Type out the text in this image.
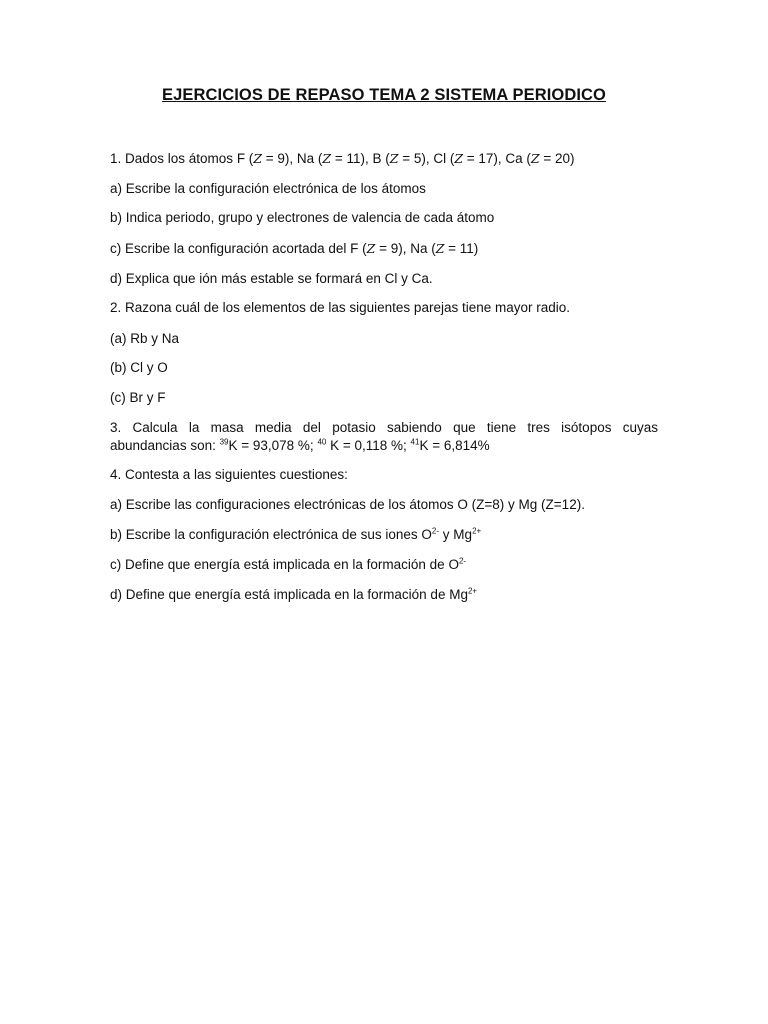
EJERCICIOS DE REPASO TEMA 2 SISTEMA PERIODICO
1. Dados los átomos F (Z = 9), Na (Z = 11), B (Z = 5), Cl (Z = 17), Ca (Z = 20)
a) Escribe la configuración electrónica de los átomos
b) Indica periodo, grupo y electrones de valencia de cada átomo
c) Escribe la configuración acortada del F (Z = 9), Na (Z = 11)
d) Explica que ión más estable se formará en Cl y Ca.
2. Razona cuál de los elementos de las siguientes parejas tiene mayor radio.
(a) Rb y Na
(b) Cl y O
(c) Br y F
3. Calcula la masa media del potasio sabiendo que tiene tres isótopos cuyas
abundancias son: $^{39}$K = 93,078 %; $^{40}$ K = 0,118 %; $^{41}$K = 6,814%
4. Contesta a las siguientes cuestiones:
a) Escribe las configuraciones electrónicas de los átomos O (Z=8) y Mg (Z=12).
b) Escribe la configuración electrónica de sus iones $O^{2-}$ y $Mg^{2+}$
c) Define que energía está implicada en la formación de $O^{2-}$
d) Define que energía está implicada en la formación de $Mg^{2+}$
